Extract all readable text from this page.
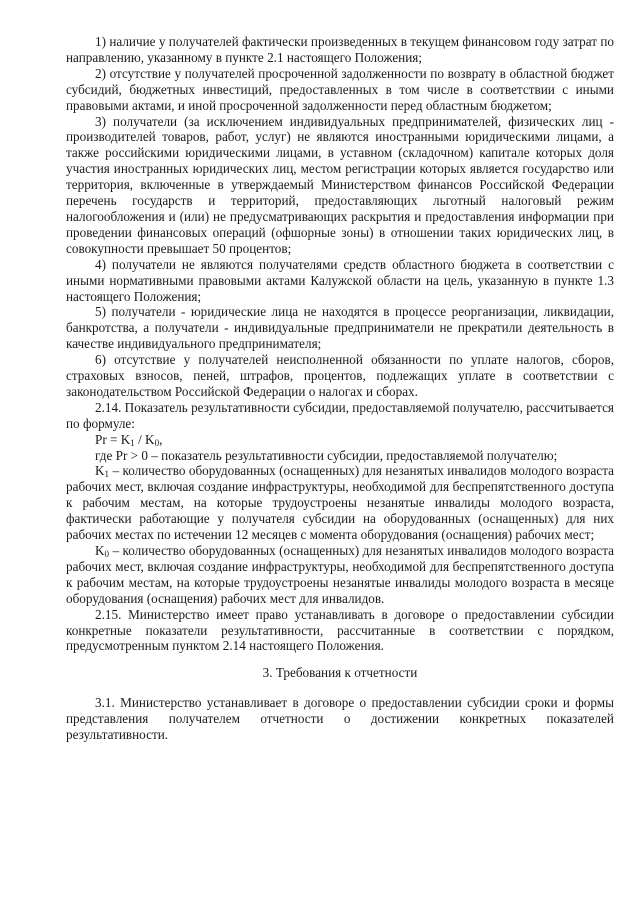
1) наличие у получателей фактически произведенных в текущем финансовом году затрат по направлению, указанному в пункте 2.1 настоящего Положения;

2) отсутствие у получателей просроченной задолженности по возврату в областной бюджет субсидий, бюджетных инвестиций, предоставленных в том числе в соответствии с иными правовыми актами, и иной просроченной задолженности перед областным бюджетом;

3) получатели (за исключением индивидуальных предпринимателей, физических лиц - производителей товаров, работ, услуг) не являются иностранными юридическими лицами, а также российскими юридическими лицами, в уставном (складочном) капитале которых доля участия иностранных юридических лиц, местом регистрации которых является государство или территория, включенные в утверждаемый Министерством финансов Российской Федерации перечень государств и территорий, предоставляющих льготный налоговый режим налогообложения и (или) не предусматривающих раскрытия и предоставления информации при проведении финансовых операций (офшорные зоны) в отношении таких юридических лиц, в совокупности превышает 50 процентов;

4) получатели не являются получателями средств областного бюджета в соответствии с иными нормативными правовыми актами Калужской области на цель, указанную в пункте 1.3 настоящего Положения;

5) получатели - юридические лица не находятся в процессе реорганизации, ликвидации, банкротства, а получатели - индивидуальные предприниматели не прекратили деятельность в качестве индивидуального предпринимателя;

6) отсутствие у получателей неисполненной обязанности по уплате налогов, сборов, страховых взносов, пеней, штрафов, процентов, подлежащих уплате в соответствии с законодательством Российской Федерации о налогах и сборах.

2.14. Показатель результативности субсидии, предоставляемой получателю, рассчитывается по формуле:

$Pr = K_1 / K_0$,

где Pr > 0 – показатель результативности субсидии, предоставляемой получателю;

$K_1$ – количество оборудованных (оснащенных) для незанятых инвалидов молодого возраста рабочих мест, включая создание инфраструктуры, необходимой для беспрепятственного доступа к рабочим местам, на которые трудоустроены незанятые инвалиды молодого возраста, фактически работающие у получателя субсидии на оборудованных (оснащенных) для них рабочих местах по истечении 12 месяцев с момента оборудования (оснащения) рабочих мест;

$K_0$ – количество оборудованных (оснащенных) для незанятых инвалидов молодого возраста рабочих мест, включая создание инфраструктуры, необходимой для беспрепятственного доступа к рабочим местам, на которые трудоустроены незанятые инвалиды молодого возраста в месяце оборудования (оснащения) рабочих мест для инвалидов.

2.15. Министерство имеет право устанавливать в договоре о предоставлении субсидии конкретные показатели результативности, рассчитанные в соответствии с порядком, предусмотренным пунктом 2.14 настоящего Положения.

3. Требования к отчетности

3.1. Министерство устанавливает в договоре о предоставлении субсидии сроки и формы представления получателем отчетности о достижении конкретных показателей результативности.
